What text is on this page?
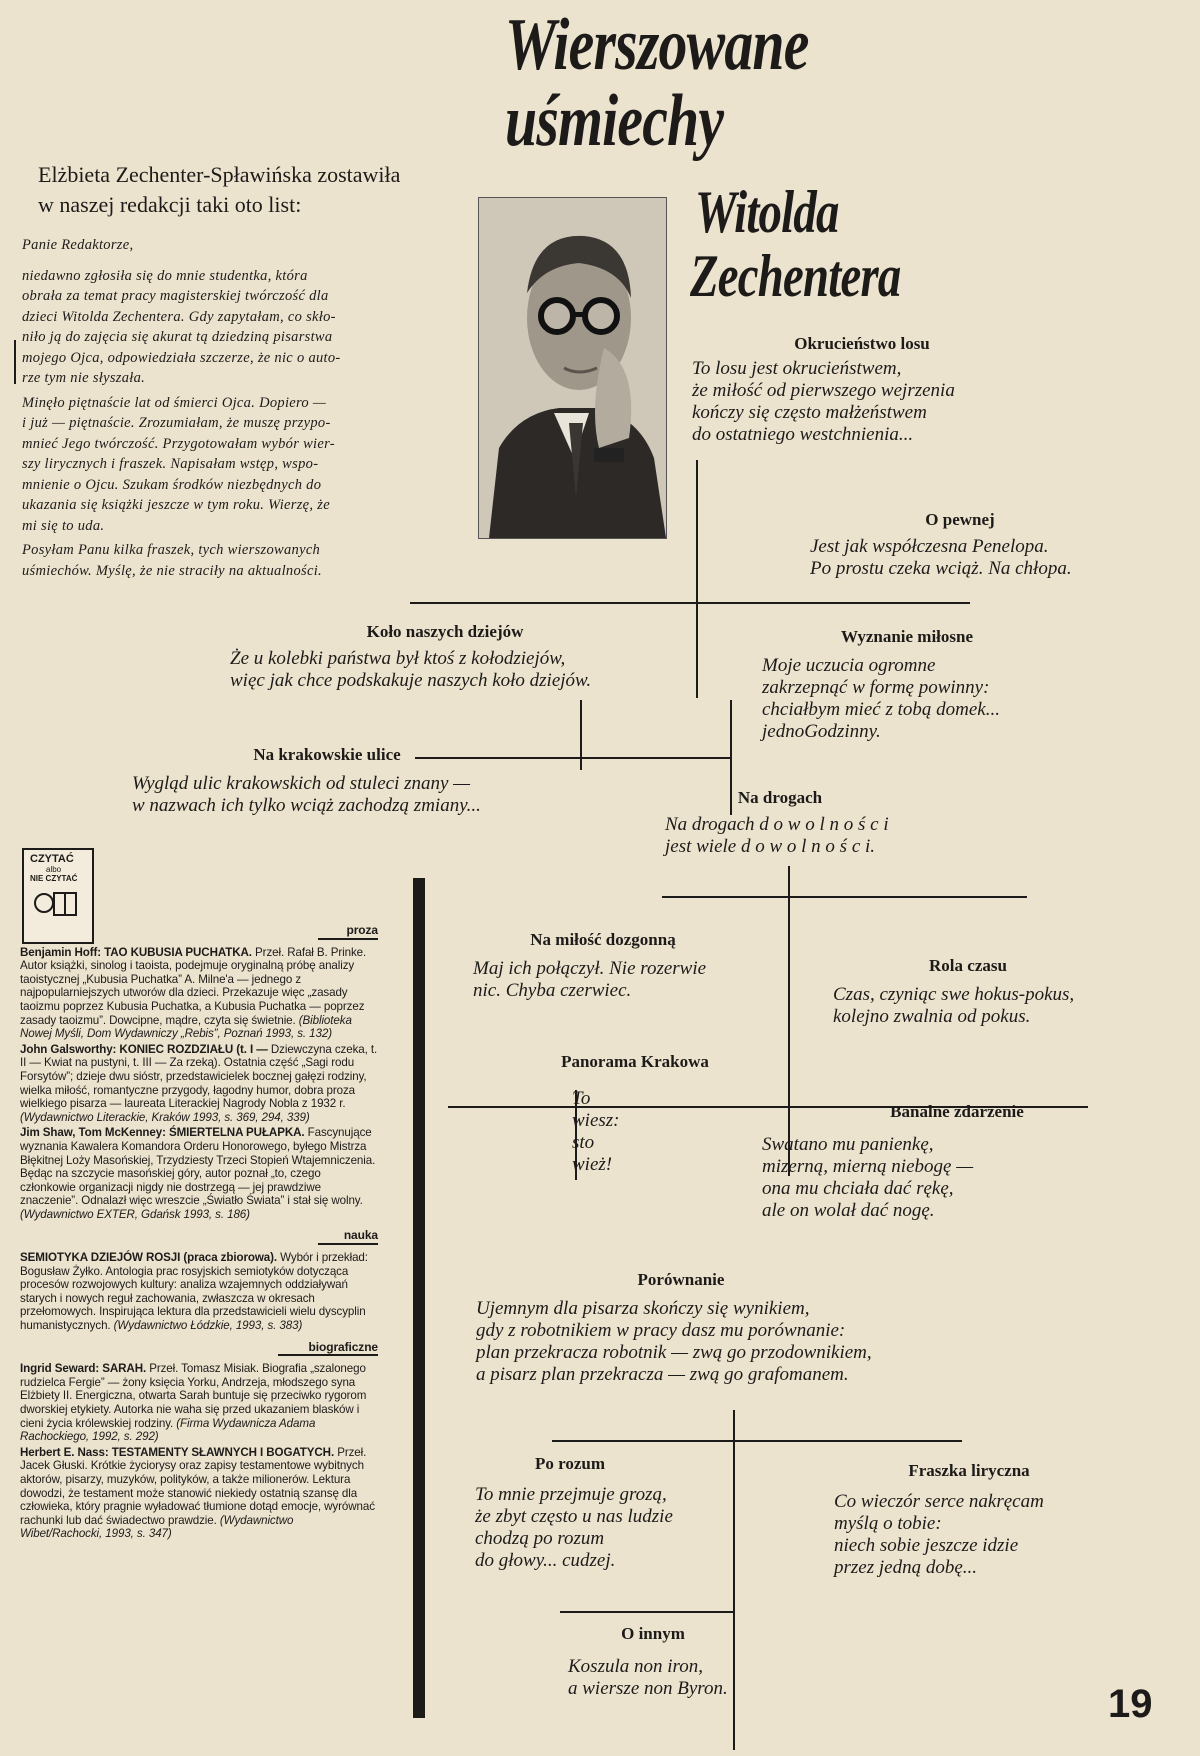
Wierszowane
uśmiechy
Witolda
Zechentera
Elżbieta Zechenter-Spławińska zostawiła
w naszej redakcji taki oto list:

Panie Redaktorze,

niedawno zgłosiła się do mnie studentka, która
obrała za temat pracy magisterskiej twórczość dla
dzieci Witolda Zechentera. Gdy zapytałam, co skło-
niło ją do zajęcia się akurat tą dziedziną pisarstwa
mojego Ojca, odpowiedziała szczerze, że nic o auto-
rze tym nie słyszała.

Minęło piętnaście lat od śmierci Ojca. Dopiero —
i już — piętnaście. Zrozumiałam, że muszę przypo-
mnieć Jego twórczość. Przygotowałam wybór wier-
szy lirycznych i fraszek. Napisałam wstęp, wspo-
mnienie o Ojcu. Szukam środków niezbędnych do
ukazania się książki jeszcze w tym roku. Wierzę, że
mi się to uda.

Posyłam Panu kilka fraszek, tych wierszowanych
uśmiechów. Myślę, że nie straciły na aktualności.

Okrucieństwo losu
To losu jest okrucieństwem,
że miłość od pierwszego wejrzenia
kończy się często małżeństwem
do ostatniego westchnienia...
O pewnej
Jest jak współczesna Penelopa.
Po prostu czeka wciąż. Na chłopa.
Koło naszych dziejów
Że u kolebki państwa był ktoś z kołodziejów,
więc jak chce podskakuje naszych koło dziejów.
Wyznanie miłosne
Moje uczucia ogromne
zakrzepnąć w formę powinny:
chciałbym mieć z tobą domek...
jednoGodzinny.
Na krakowskie ulice
Wygląd ulic krakowskich od stuleci znany —
w nazwach ich tylko wciąż zachodzą zmiany...	Na drogach
Na drogach d o w o l n o ś c i
jest wiele d o w o l n o ś c i.
Na miłość dozgonną
Maj ich połączył. Nie rozerwie
nic. Chyba czerwiec.
Rola czasu
Czas, czyniąc swe hokus-pokus,
kolejno zwalnia od pokus.
Panorama Krakowa
To
wiesz:
sto
wież!
Banalne zdarzenie
Swatano mu panienkę,
mizerną, mierną niebogę —
ona mu chciała dać rękę,
ale on wolał dać nogę.
Porównanie
Ujemnym dla pisarza skończy się wynikiem,
gdy z robotnikiem w pracy dasz mu porównanie:
plan przekracza robotnik — zwą go przodownikiem,
a pisarz plan przekracza — zwą go grafomanem.
Po rozum
To mnie przejmuje grozą,
że zbyt często u nas ludzie
chodzą po rozum
do głowy... cudzej.
Fraszka liryczna
Co wieczór serce nakręcam
myślą o tobie:
niech sobie jeszcze idzie
przez jedną dobę...
O innym
Koszula non iron,
a wiersze non Byron.
CZYTAĆ
albo
NIE CZYTAĆ
proza
Benjamin Hoff: TAO KUBUSIA PUCHATKA. Przeł. Rafał B. Prinke. Autor książki, sinolog i taoista, podejmuje oryginalną próbę analizy taoistycznej „Kubusia Puchatka” A. Milne'a — jednego z najpopularniejszych utworów dla dzieci. Przekazuje więc „zasady taoizmu poprzez Kubusia Puchatka, a Kubusia Puchatka — poprzez zasady taoizmu”. Dowcipne, mądre, czyta się świetnie. (Biblioteka Nowej Myśli, Dom Wydawniczy „Rebis”, Poznań 1993, s. 132)
John Galsworthy: KONIEC ROZDZIAŁU (t. I — Dziewczyna czeka, t. II — Kwiat na pustyni, t. III — Za rzeką). Ostatnia część „Sagi rodu Forsytów”; dzieje dwu sióstr, przedstawicielek bocznej gałęzi rodziny, wielka miłość, romantyczne przygody, łagodny humor, dobra proza wielkiego pisarza — laureata Literackiej Nagrody Nobla z 1932 r. (Wydawnictwo Literackie, Kraków 1993, s. 369, 294, 339)
Jim Shaw, Tom McKenney: ŚMIERTELNA PUŁAPKA. Fascynujące wyznania Kawalera Komandora Orderu Honorowego, byłego Mistrza Błękitnej Loży Masońskiej, Trzydziesty Trzeci Stopień Wtajemniczenia. Będąc na szczycie masońskiej góry, autor poznał „to, czego członkowie organizacji nigdy nie dostrzegą — jej prawdziwe znaczenie”. Odnalazł więc wreszcie „Światło Świata” i stał się wolny. (Wydawnictwo EXTER, Gdańsk 1993, s. 186)
nauka
SEMIOTYKA DZIEJÓW ROSJI (praca zbiorowa). Wybór i przekład: Bogusław Żyłko. Antologia prac rosyjskich semiotyków dotycząca procesów rozwojowych kultury: analiza wzajemnych oddziaływań starych i nowych reguł zachowania, zwłaszcza w okresach przełomowych. Inspirująca lektura dla przedstawicieli wielu dyscyplin humanistycznych. (Wydawnictwo Łódzkie, 1993, s. 383)
biograficzne
Ingrid Seward: SARAH. Przeł. Tomasz Misiak. Biografia „szalonego rudzielca Fergie” — żony księcia Yorku, Andrzeja, młodszego syna Elżbiety II. Energiczna, otwarta Sarah buntuje się przeciwko rygorom dworskiej etykiety. Autorka nie waha się przed ukazaniem blasków i cieni życia królewskiej rodziny. (Firma Wydawnicza Adama Rachockiego, 1992, s. 292)
Herbert E. Nass: TESTAMENTY SŁAWNYCH I BOGATYCH. Przeł. Jacek Głuski. Krótkie życiorysy oraz zapisy testamentowe wybitnych aktorów, pisarzy, muzyków, polityków, a także milionerów. Lektura dowodzi, że testament może stanowić niekiedy ostatnią szansę dla człowieka, który pragnie wyładować tłumione dotąd emocje, wyrównać rachunki lub dać świadectwo prawdzie. (Wydawnictwo Wibet/Rachocki, 1993, s. 347)
19
